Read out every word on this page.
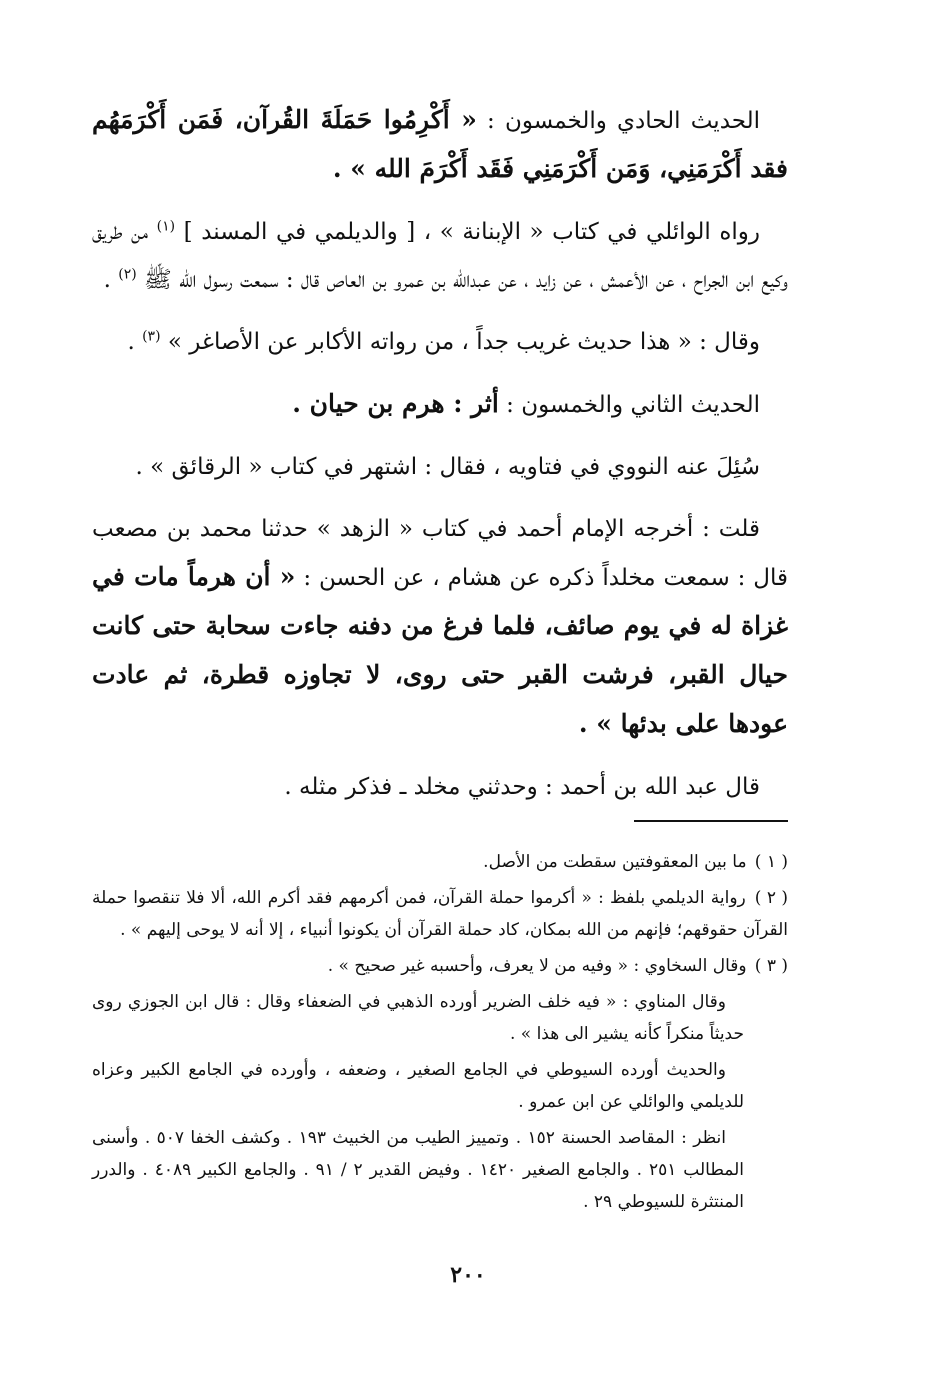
الحديث الحادي والخمسون : « أَكْرِمُوا حَمَلَةَ القُرآن، فَمَن أَكْرَمَهُم فقد أَكْرَمَنِي، وَمَن أَكْرَمَنِي فَقَد أَكْرَمَ الله » .

رواه الوائلي في كتاب « الإبنانة » ، [ والديلمي في المسند ] $^{(١)}$ من طريق وكيع ابن الجراح ، عن الأعمش ، عن زايد ، عن عبدالله بن عمرو بن العاص قال : سمعت رسول الله ﷺ $^{(٢)}$ .

وقال : « هذا حديث غريب جداً ، من رواته الأكابر عن الأصاغر » $^{(٣)}$ .

الحديث الثاني والخمسون : أثر : هرم بن حيان .

سُئِلَ عنه النووي في فتاويه ، فقال : اشتهر في كتاب « الرقائق » .

قلت : أخرجه الإمام أحمد في كتاب « الزهد » حدثنا محمد بن مصعب قال : سمعت مخلداً ذكره عن هشام ، عن الحسن : « أن هرماً مات في غزاة له في يوم صائف، فلما فرغ من دفنه جاءت سحابة حتى كانت حيال القبر، فرشت القبر حتى روى، لا تجاوزه قطرة، ثم عادت عودها على بدئها » .

قال عبد الله بن أحمد : وحدثني مخلد ـ فذكر مثله .

( ١ ) ما بين المعقوفتين سقطت من الأصل.

( ٢ ) رواية الديلمي بلفظ : « أكرموا حملة القرآن، فمن أكرمهم فقد أكرم الله، ألا فلا تنقصوا حملة القرآن حقوقهم؛ فإنهم من الله بمكان، كاد حملة القرآن أن يكونوا أنبياء ، إلا أنه لا يوحى إليهم » .

( ٣ ) وقال السخاوي : « وفيه من لا يعرف، وأحسبه غير صحيح » .

وقال المناوي : « فيه خلف الضرير أورده الذهبي في الضعفاء وقال : قال ابن الجوزي روى حديثاً منكراً كأنه يشير الى هذا » .

والحديث أورده السيوطي في الجامع الصغير ، وضعفه ، وأورده في الجامع الكبير وعزاه للديلمي والوائلي عن ابن عمرو .

انظر : المقاصد الحسنة ١٥٢ . وتمييز الطيب من الخبيث ١٩٣ . وكشف الخفا ٥٠٧ . وأسنى المطالب ٢٥١ . والجامع الصغير ١٤٢٠ . وفيض القدير ٢ / ٩١ . والجامع الكبير ٤٠٨٩ . والدرر المنتثرة للسيوطي ٢٩ .

٢٠٠
